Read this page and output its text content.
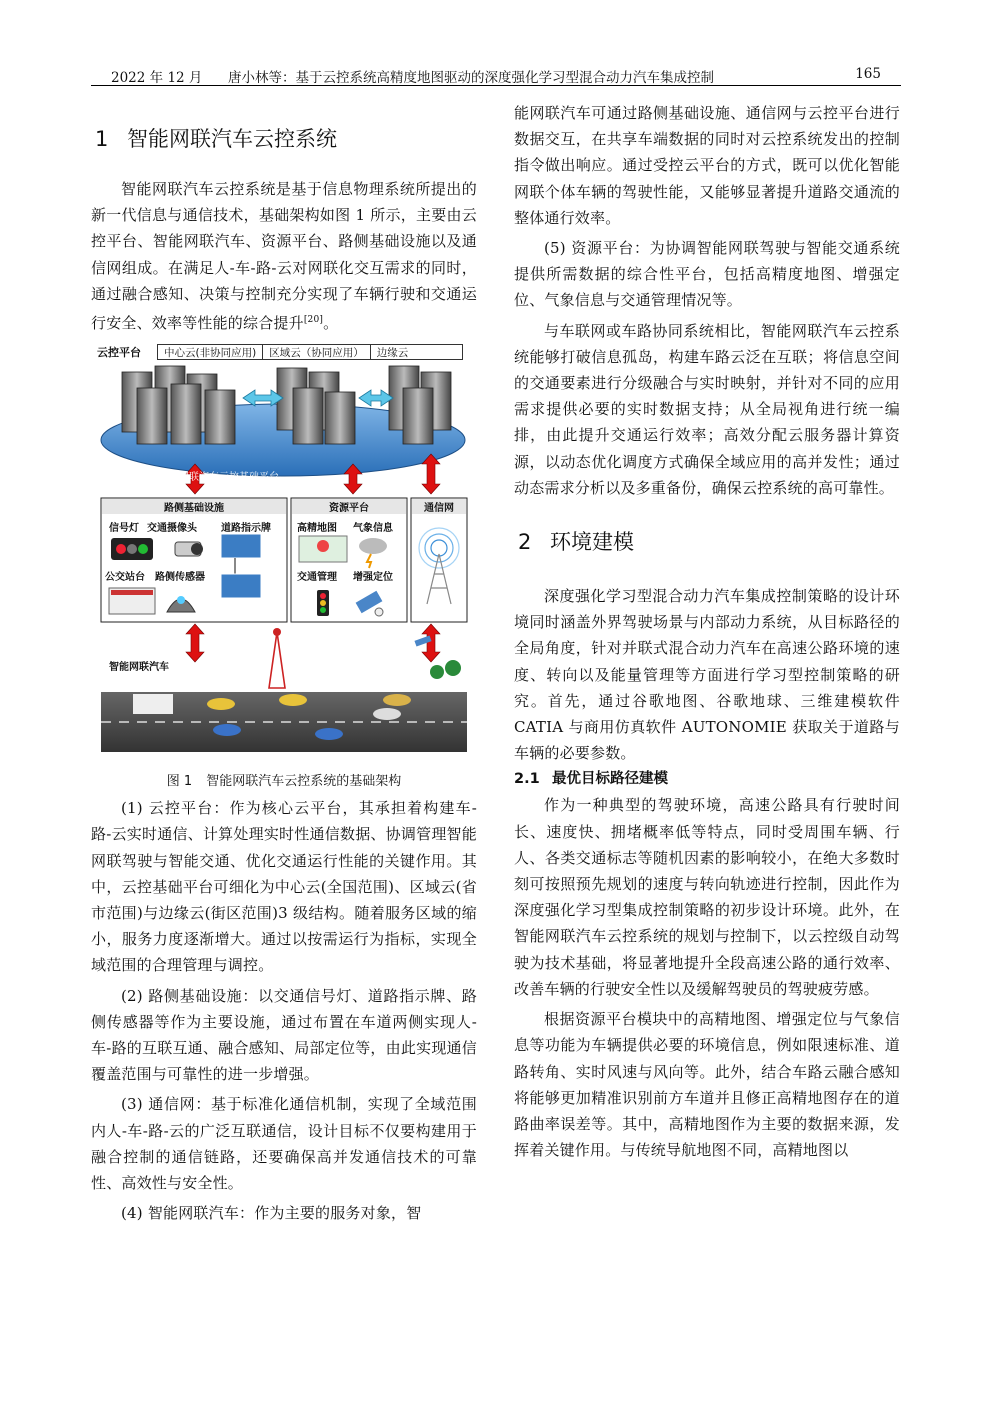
2022 年 12 月 唐小林等：基于云控系统高精度地图驱动的深度强化学习型混合动力汽车集成控制	165
1 智能网联汽车云控系统

智能网联汽车云控系统是基于信息物理系统所提出的新一代信息与通信技术，基础架构如图 1 所示，主要由云控平台、智能网联汽车、资源平台、路侧基础设施以及通信网组成。在满足人-车-路-云对网联化交互需求的同时，通过融合感知、决策与控制充分实现了车辆行驶和交通运行安全、效率等性能的综合提升[20]。

云控平台	中心云(非协同应用)	区域云（协同应用）	边缘云
智能网联汽车云控基础平台
路侧基础设施	资源平台	通信网
信号灯 交通摄像头 道路指示牌
公交站台 路侧传感器
高精地图 气象信息
交通管理 增强定位
智能网联汽车
图 1 智能网联汽车云控系统的基础架构

(1) 云控平台：作为核心云平台，其承担着构建车-路-云实时通信、计算处理实时性通信数据、协调管理智能网联驾驶与智能交通、优化交通运行性能的关键作用。其中，云控基础平台可细化为中心云(全国范围)、区域云(省市范围)与边缘云(街区范围)3 级结构。随着服务区域的缩小，服务力度逐渐增大。通过以按需运行为指标，实现全域范围的合理管理与调控。

(2) 路侧基础设施：以交通信号灯、道路指示牌、路侧传感器等作为主要设施，通过布置在车道两侧实现人-车-路的互联互通、融合感知、局部定位等，由此实现通信覆盖范围与可靠性的进一步增强。

(3) 通信网：基于标准化通信机制，实现了全域范围内人-车-路-云的广泛互联通信，设计目标不仅要构建用于融合控制的通信链路，还要确保高并发通信技术的可靠性、高效性与安全性。

(4) 智能网联汽车：作为主要的服务对象，智

能网联汽车可通过路侧基础设施、通信网与云控平台进行数据交互，在共享车端数据的同时对云控系统发出的控制指令做出响应。通过受控云平台的方式，既可以优化智能网联个体车辆的驾驶性能，又能够显著提升道路交通流的整体通行效率。

(5) 资源平台：为协调智能网联驾驶与智能交通系统提供所需数据的综合性平台，包括高精度地图、增强定位、气象信息与交通管理情况等。

与车联网或车路协同系统相比，智能网联汽车云控系统能够打破信息孤岛，构建车路云泛在互联；将信息空间的交通要素进行分级融合与实时映射，并针对不同的应用需求提供必要的实时数据支持；从全局视角进行统一编排，由此提升交通运行效率；高效分配云服务器计算资源，以动态优化调度方式确保全域应用的高并发性；通过动态需求分析以及多重备份，确保云控系统的高可靠性。

2 环境建模

深度强化学习型混合动力汽车集成控制策略的设计环境同时涵盖外界驾驶场景与内部动力系统，从目标路径的全局角度，针对并联式混合动力汽车在高速公路环境的速度、转向以及能量管理等方面进行学习型控制策略的研究。首先，通过谷歌地图、谷歌地球、三维建模软件 CATIA 与商用仿真软件 AUTONOMIE 获取关于道路与车辆的必要参数。

2.1 最优目标路径建模

作为一种典型的驾驶环境，高速公路具有行驶时间长、速度快、拥堵概率低等特点，同时受周围车辆、行人、各类交通标志等随机因素的影响较小，在绝大多数时刻可按照预先规划的速度与转向轨迹进行控制，因此作为深度强化学习型集成控制策略的初步设计环境。此外，在智能网联汽车云控系统的规划与控制下，以云控级自动驾驶为技术基础，将显著地提升全段高速公路的通行效率、改善车辆的行驶安全性以及缓解驾驶员的驾驶疲劳感。

根据资源平台模块中的高精地图、增强定位与气象信息等功能为车辆提供必要的环境信息，例如限速标准、道路转角、实时风速与风向等。此外，结合车路云融合感知将能够更加精准识别前方车道并且修正高精地图存在的道路曲率误差等。其中，高精地图作为主要的数据来源，发挥着关键作用。与传统导航地图不同，高精地图以
